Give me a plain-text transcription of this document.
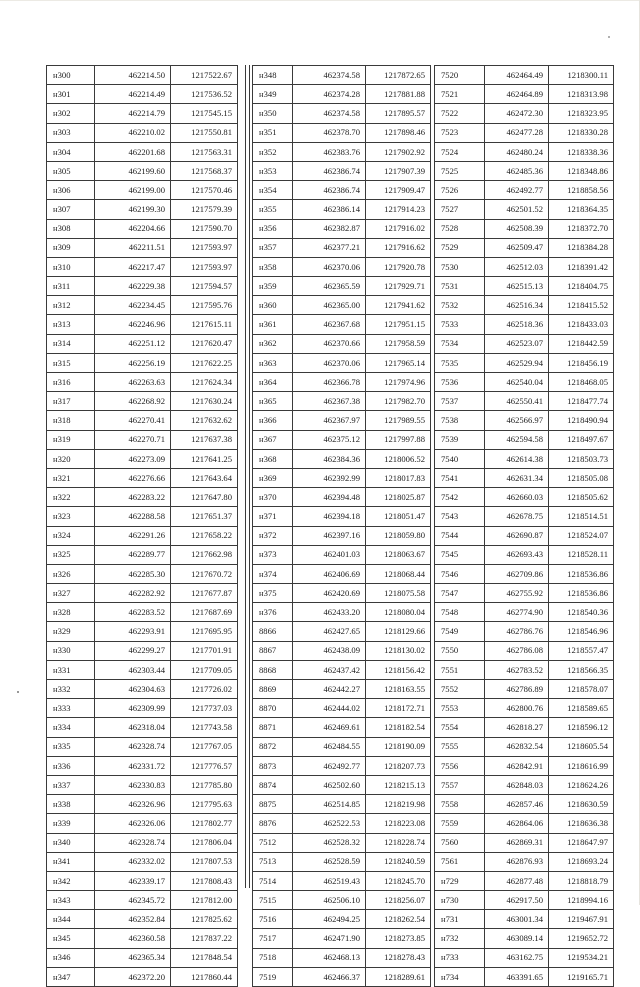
н300	462214.50	1217522.67
н301	462214.49	1217536.52
н302	462214.79	1217545.15
н303	462210.02	1217550.81
н304	462201.68	1217563.31
н305	462199.60	1217568.37
н306	462199.00	1217570.46
н307	462199.30	1217579.39
н308	462204.66	1217590.70
н309	462211.51	1217593.97
н310	462217.47	1217593.97
н311	462229.38	1217594.57
н312	462234.45	1217595.76
н313	462246.96	1217615.11
н314	462251.12	1217620.47
н315	462256.19	1217622.25
н316	462263.63	1217624.34
н317	462268.92	1217630.24
н318	462270.41	1217632.62
н319	462270.71	1217637.38
н320	462273.09	1217641.25
н321	462276.66	1217643.64
н322	462283.22	1217647.80
н323	462288.58	1217651.37
н324	462291.26	1217658.22
н325	462289.77	1217662.98
н326	462285.30	1217670.72
н327	462282.92	1217677.87
н328	462283.52	1217687.69
н329	462293.91	1217695.95
н330	462299.27	1217701.91
н331	462303.44	1217709.05
н332	462304.63	1217726.02
н333	462309.99	1217737.03
н334	462318.04	1217743.58
н335	462328.74	1217767.05
н336	462331.72	1217776.57
н337	462330.83	1217785.80
н338	462326.96	1217795.63
н339	462326.06	1217802.77
н340	462328.74	1217806.04
н341	462332.02	1217807.53
н342	462339.17	1217808.43
н343	462345.72	1217812.00
н344	462352.84	1217825.62
н345	462360.58	1217837.22
н346	462365.34	1217848.54
н347	462372.20	1217860.44
н348	462374.58	1217872.65
н349	462374.28	1217881.88
н350	462374.58	1217895.57
н351	462378.70	1217898.46
н352	462383.76	1217902.92
н353	462386.74	1217907.39
н354	462386.74	1217909.47
н355	462386.14	1217914.23
н356	462382.87	1217916.02
н357	462377.21	1217916.62
н358	462370.06	1217920.78
н359	462365.59	1217929.71
н360	462365.00	1217941.62
н361	462367.68	1217951.15
н362	462370.66	1217958.59
н363	462370.06	1217965.14
н364	462366.78	1217974.96
н365	462367.38	1217982.70
н366	462367.97	1217989.55
н367	462375.12	1217997.88
н368	462384.36	1218006.52
н369	462392.99	1218017.83
н370	462394.48	1218025.87
н371	462394.18	1218051.47
н372	462397.16	1218059.80
н373	462401.03	1218063.67
н374	462406.69	1218068.44
н375	462420.69	1218075.58
н376	462433.20	1218080.04
8866	462427.65	1218129.66
8867	462438.09	1218130.02
8868	462437.42	1218156.42
8869	462442.27	1218163.55
8870	462444.02	1218172.71
8871	462469.61	1218182.54
8872	462484.55	1218190.09
8873	462492.77	1218207.73
8874	462502.60	1218215.13
8875	462514.85	1218219.98
8876	462522.53	1218223.08
7512	462528.32	1218228.74
7513	462528.59	1218240.59
7514	462519.43	1218245.70
7515	462506.10	1218256.07
7516	462494.25	1218262.54
7517	462471.90	1218273.85
7518	462468.13	1218278.43
7519	462466.37	1218289.61
7520	462464.49	1218300.11
7521	462464.89	1218313.98
7522	462472.30	1218323.95
7523	462477.28	1218330.28
7524	462480.24	1218338.36
7525	462485.36	1218348.86
7526	462492.77	1218858.56
7527	462501.52	1218364.35
7528	462508.39	1218372.70
7529	462509.47	1218384.28
7530	462512.03	1218391.42
7531	462515.13	1218404.75
7532	462516.34	1218415.52
7533	462518.36	1218433.03
7534	462523.07	1218442.59
7535	462529.94	1218456.19
7536	462540.04	1218468.05
7537	462550.41	1218477.74
7538	462566.97	1218490.94
7539	462594.58	1218497.67
7540	462614.38	1218503.73
7541	462631.34	1218505.08
7542	462660.03	1218505.62
7543	462678.75	1218514.51
7544	462690.87	1218524.07
7545	462693.43	1218528.11
7546	462709.86	1218536.86
7547	462755.92	1218536.86
7548	462774.90	1218540.36
7549	462786.76	1218546.96
7550	462786.08	1218557.47
7551	462783.52	1218566.35
7552	462786.89	1218578.07
7553	462800.76	1218589.65
7554	462818.27	1218596.12
7555	462832.54	1218605.54
7556	462842.91	1218616.99
7557	462848.03	1218624.26
7558	462857.46	1218630.59
7559	462864.06	1218636.38
7560	462869.31	1218647.97
7561	462876.93	1218693.24
н729	462877.48	1218818.79
н730	462917.50	1218994.16
н731	463001.34	1219467.91
н732	463089.14	1219652.72
н733	463162.75	1219534.21
н734	463391.65	1219165.71
